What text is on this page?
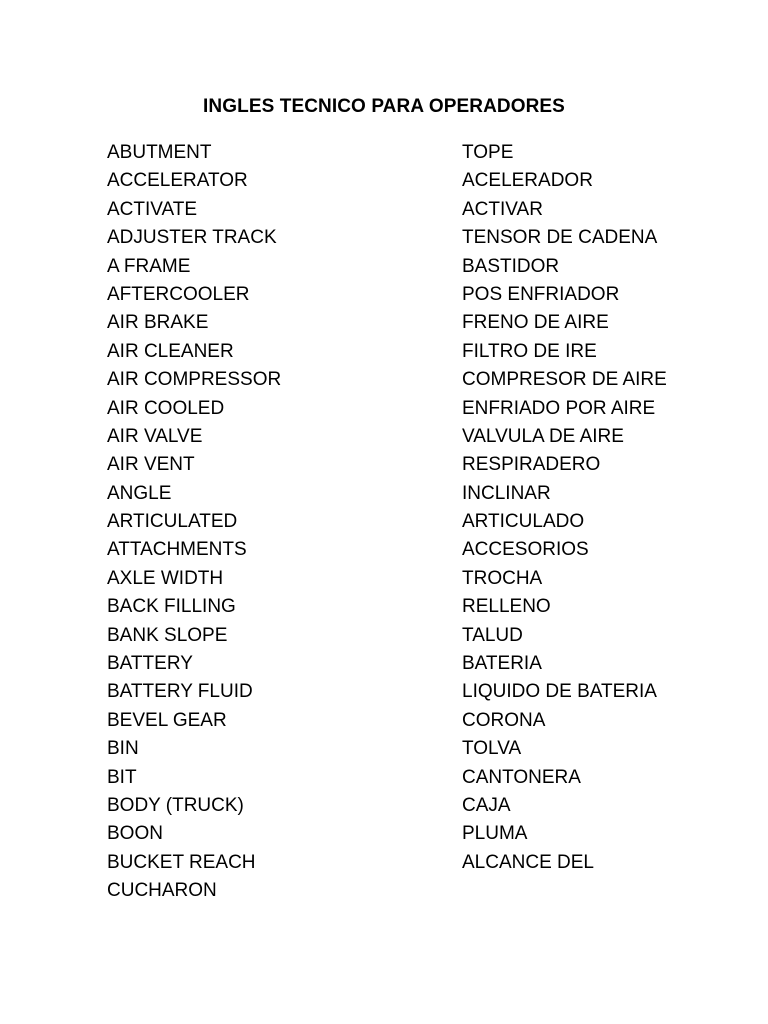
INGLES TECNICO PARA OPERADORES
ABUTMENT	TOPE
ACCELERATOR	ACELERADOR
ACTIVATE	ACTIVAR
ADJUSTER TRACK	TENSOR DE CADENA
A FRAME	BASTIDOR
AFTERCOOLER	POS ENFRIADOR
AIR BRAKE	FRENO DE AIRE
AIR CLEANER	FILTRO DE IRE
AIR COMPRESSOR	COMPRESOR DE AIRE
AIR COOLED	ENFRIADO POR AIRE
AIR VALVE	VALVULA DE AIRE
AIR VENT	RESPIRADERO
ANGLE	INCLINAR
ARTICULATED	ARTICULADO
ATTACHMENTS	ACCESORIOS
AXLE WIDTH	TROCHA
BACK FILLING	RELLENO
BANK SLOPE	TALUD
BATTERY	BATERIA
BATTERY FLUID	LIQUIDO DE BATERIA
BEVEL GEAR	CORONA
BIN	TOLVA
BIT	CANTONERA
BODY (TRUCK)	CAJA
BOON	PLUMA
BUCKET REACH	ALCANCE DEL
CUCHARON
